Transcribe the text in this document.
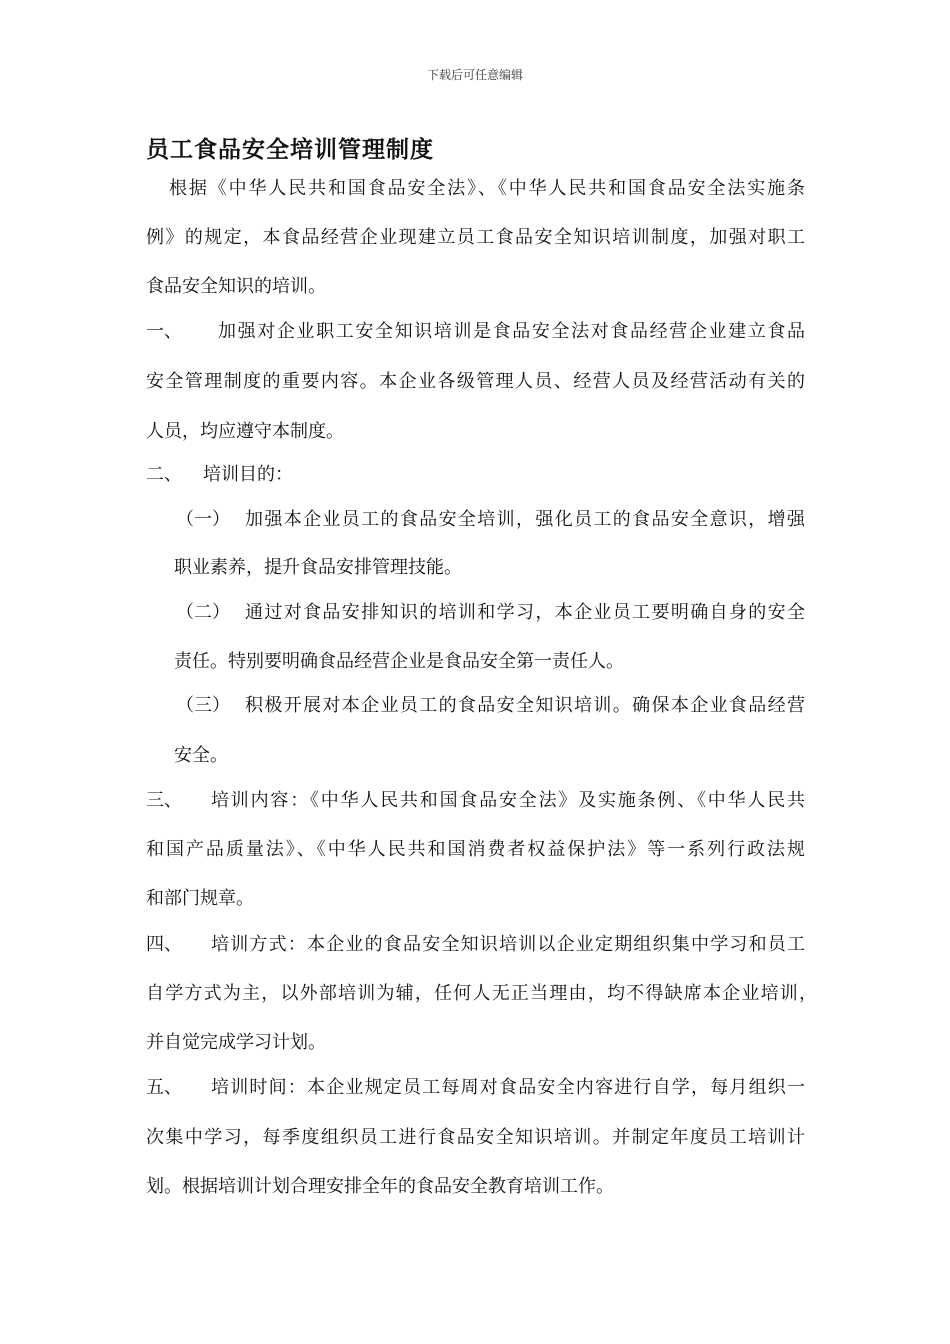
下载后可任意编辑
员工食品安全培训管理制度
根据《中华人民共和国食品安全法》、《中华人民共和国食品安全法实施条
例》的规定，本食品经营企业现建立员工食品安全知识培训制度，加强对职工
食品安全知识的培训。
一、 加强对企业职工安全知识培训是食品安全法对食品经营企业建立食品
安全管理制度的重要内容。本企业各级管理人员、经营人员及经营活动有关的
人员，均应遵守本制度。
二、 培训目的：
（一） 加强本企业员工的食品安全培训，强化员工的食品安全意识，增强
职业素养，提升食品安排管理技能。
（二） 通过对食品安排知识的培训和学习，本企业员工要明确自身的安全
责任。特别要明确食品经营企业是食品安全第一责任人。
（三） 积极开展对本企业员工的食品安全知识培训。确保本企业食品经营
安全。
三、 培训内容：《中华人民共和国食品安全法》及实施条例、《中华人民共
和国产品质量法》、《中华人民共和国消费者权益保护法》等一系列行政法规
和部门规章。
四、 培训方式：本企业的食品安全知识培训以企业定期组织集中学习和员工
自学方式为主，以外部培训为辅，任何人无正当理由，均不得缺席本企业培训，
并自觉完成学习计划。
五、 培训时间：本企业规定员工每周对食品安全内容进行自学，每月组织一
次集中学习，每季度组织员工进行食品安全知识培训。并制定年度员工培训计
划。根据培训计划合理安排全年的食品安全教育培训工作。
